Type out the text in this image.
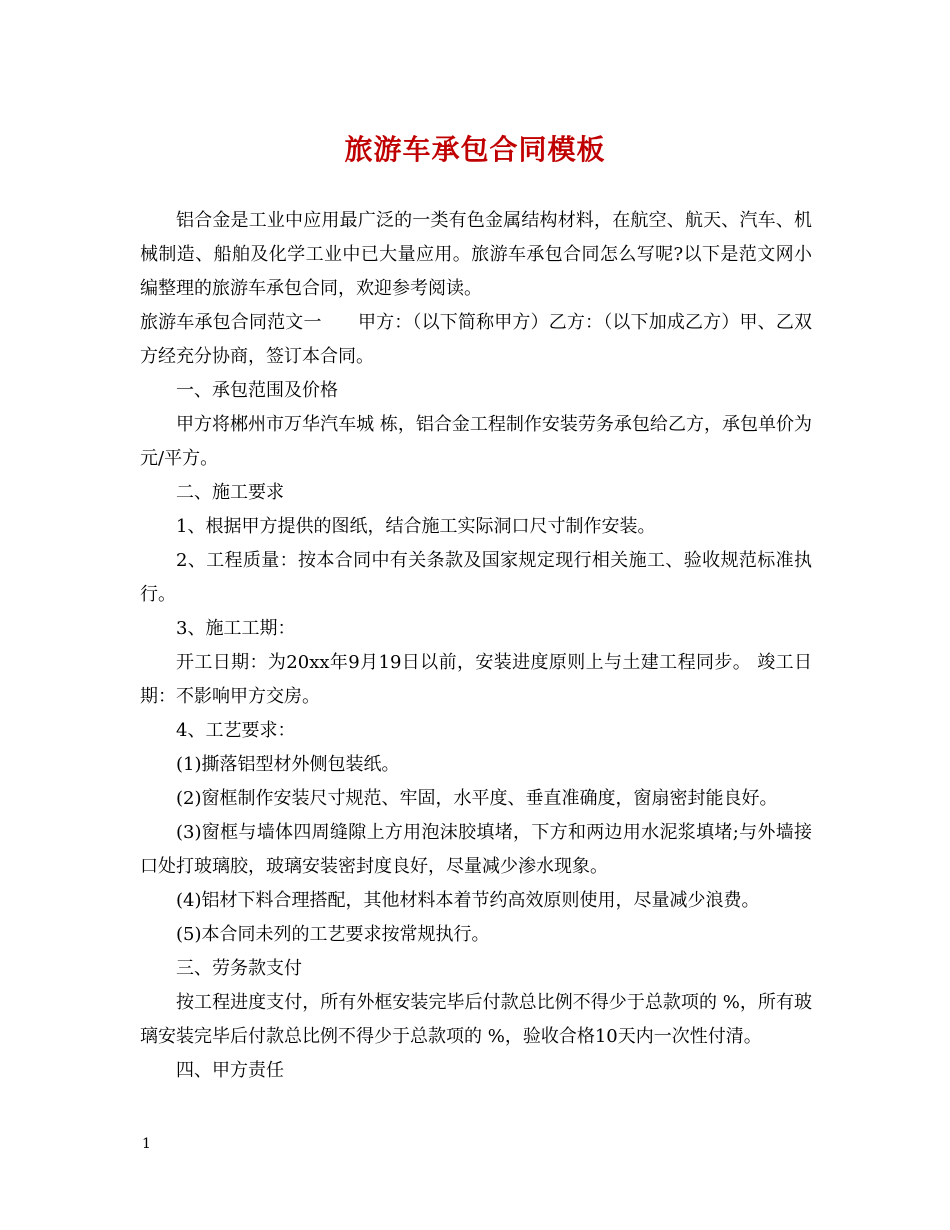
旅游车承包合同模板

铝合金是工业中应用最广泛的一类有色金属结构材料，在航空、航天、汽车、机械制造、船舶及化学工业中已大量应用。旅游车承包合同怎么写呢?以下是范文网小编整理的旅游车承包合同，欢迎参考阅读。

旅游车承包合同范文一　　甲方：（以下简称甲方）乙方：（以下加成乙方）甲、乙双方经充分协商，签订本合同。

一、承包范围及价格

甲方将郴州市万华汽车城 栋，铝合金工程制作安装劳务承包给乙方，承包单价为 元/平方。

二、施工要求

1、根据甲方提供的图纸，结合施工实际洞口尺寸制作安装。

2、工程质量：按本合同中有关条款及国家规定现行相关施工、验收规范标准执行。

3、施工工期：

开工日期：为20xx年9月19日以前，安装进度原则上与土建工程同步。 竣工日期：不影响甲方交房。

4、工艺要求：

(1)撕落铝型材外侧包装纸。

(2)窗框制作安装尺寸规范、牢固，水平度、垂直准确度，窗扇密封能良好。

(3)窗框与墙体四周缝隙上方用泡沫胶填堵，下方和两边用水泥浆填堵;与外墙接口处打玻璃胶，玻璃安装密封度良好，尽量减少渗水现象。

(4)铝材下料合理搭配，其他材料本着节约高效原则使用，尽量减少浪费。

(5)本合同未列的工艺要求按常规执行。

三、劳务款支付

按工程进度支付，所有外框安装完毕后付款总比例不得少于总款项的 %，所有玻璃安装完毕后付款总比例不得少于总款项的 %，验收合格10天内一次性付清。

四、甲方责任

1
